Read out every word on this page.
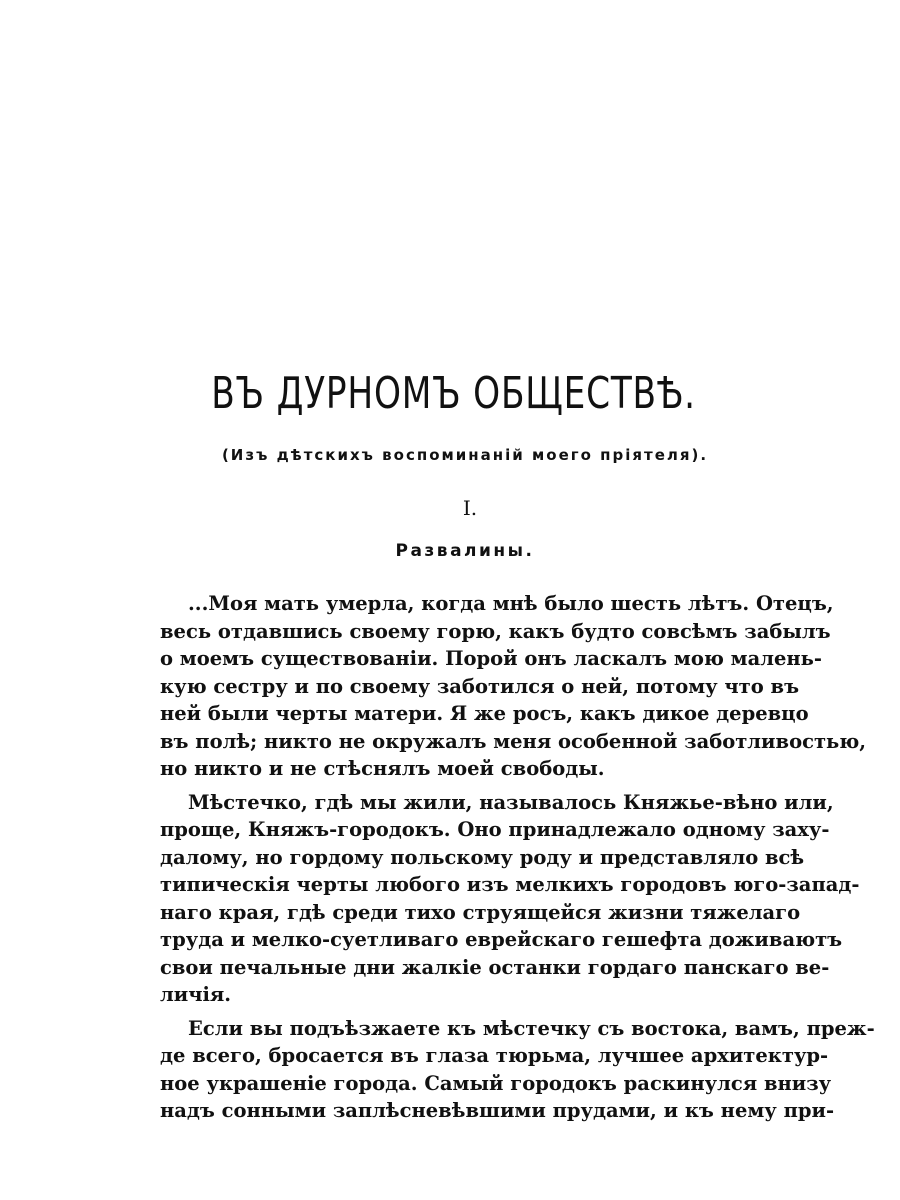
ВЪ ДУРНОМЪ ОБЩЕСТВѢ.
(Изъ дѣтскихъ воспоминаній моего пріятеля).
I.
Развалины.
...Моя мать умерла, когда мнѣ было шесть лѣтъ. Отецъ,
весь отдавшись своему горю, какъ будто совсѣмъ забылъ
о моемъ существованіи. Порой онъ ласкалъ мою малень-
кую сестру и по своему заботился о ней, потому что въ
ней были черты матери. Я же росъ, какъ дикое деревцо
въ полѣ; никто не окружалъ меня особенной заботливостью,
но никто и не стѣснялъ моей свободы.
Мѣстечко, гдѣ мы жили, называлось Княжье-вѣно или,
проще, Княжъ-городокъ. Оно принадлежало одному заху-
далому, но гордому польскому роду и представляло всѣ
типическія черты любого изъ мелкихъ городовъ юго-запад-
наго края, гдѣ среди тихо струящейся жизни тяжелаго
труда и мелко-суетливаго еврейскаго гешефта доживаютъ
свои печальные дни жалкіе останки гордаго панскаго ве-
личія.
Если вы подъѣзжаете къ мѣстечку съ востока, вамъ, преж-
де всего, бросается въ глаза тюрьма, лучшее архитектур-
ное украшеніе города. Самый городокъ раскинулся внизу
надъ сонными заплѣсневѣвшими прудами, и къ нему при-
